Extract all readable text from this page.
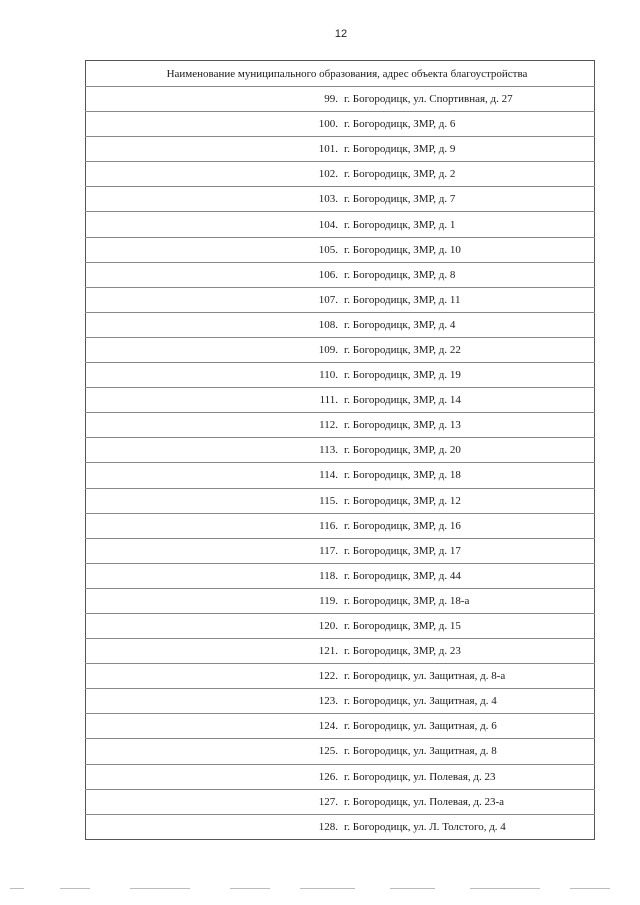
12
Наименование муниципального образования, адрес объекта благоустройства	
99.	г. Богородицк, ул. Спортивная, д. 27
100.	г. Богородицк, ЗМР, д. 6
101.	г. Богородицк, ЗМР, д. 9
102.	г. Богородицк, ЗМР, д. 2
103.	г. Богородицк, ЗМР, д. 7
104.	г. Богородицк, ЗМР, д. 1
105.	г. Богородицк, ЗМР, д. 10
106.	г. Богородицк, ЗМР, д. 8
107.	г. Богородицк, ЗМР, д. 11
108.	г. Богородицк, ЗМР, д. 4
109.	г. Богородицк, ЗМР, д. 22
110.	г. Богородицк, ЗМР, д. 19
111.	г. Богородицк, ЗМР, д. 14
112.	г. Богородицк, ЗМР, д. 13
113.	г. Богородицк, ЗМР, д. 20
114.	г. Богородицк, ЗМР, д. 18
115.	г. Богородицк, ЗМР, д. 12
116.	г. Богородицк, ЗМР, д. 16
117.	г. Богородицк, ЗМР, д. 17
118.	г. Богородицк, ЗМР, д. 44
119.	г. Богородицк, ЗМР, д. 18-а
120.	г. Богородицк, ЗМР, д. 15
121.	г. Богородицк, ЗМР, д. 23
122.	г. Богородицк, ул. Защитная, д. 8-а
123.	г. Богородицк, ул. Защитная, д. 4
124.	г. Богородицк, ул. Защитная, д. 6
125.	г. Богородицк, ул. Защитная, д. 8
126.	г. Богородицк, ул. Полевая, д. 23
127.	г. Богородицк, ул. Полевая, д. 23-а
128.	г. Богородицк, ул. Л. Толстого, д. 4
